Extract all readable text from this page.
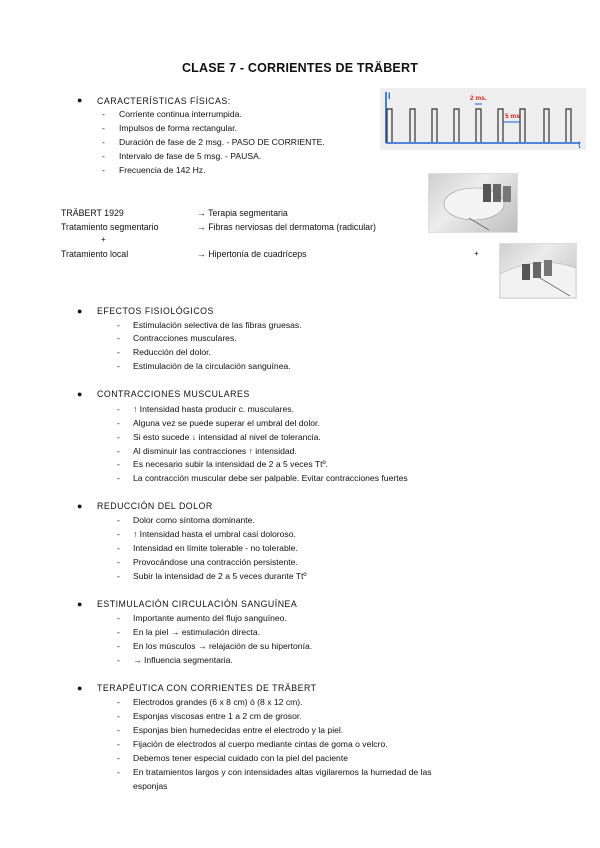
CLASE 7 - CORRIENTES DE TRÄBERT
● CARACTERÍSTICAS FÍSICAS:
- Corriente continua interrumpida.
- Impulsos de forma rectangular.
- Duración de fase de 2 msg. - PASO DE CORRIENTE.
- Intervalo de fase de 5 msg. - PAUSA.
- Frecuencia de 142 Hz.
I
t
2 ms.
5 ms
TRÄBERT 1929	→ Terapia segmentaria
Tratamiento segmentario	→ Fibras nerviosas del dermatoma (radicular)
+
Tratamiento local	→ Hipertonía de cuadríceps	+
● EFECTOS FISIOLÓGICOS
- Estimulación selectiva de las fibras gruesas.
- Contracciones musculares.
- Reducción del dolor.
- Estimulación de la circulación sanguínea.
● CONTRACCIONES MUSCULARES
- ↑ Intensidad hasta producir c. musculares.
- Alguna vez se puede superar el umbral del dolor.
- Si esto sucede ↓ intensidad al nivel de tolerancia.
- Al disminuir las contracciones ↑ intensidad.
- Es necesario subir la intensidad de 2 a 5 veces Ttº.
- La contracción muscular debe ser palpable. Evitar contracciones fuertes
● REDUCCIÓN DEL DOLOR
- Dolor como síntoma dominante.
- ↑ Intensidad hasta el umbral casi doloroso.
- Intensidad en límite tolerable - no tolerable.
- Provocándose una contracción persistente.
- Subir la intensidad de 2 a 5 veces durante Ttº
● ESTIMULACIÓN CIRCULACIÓN SANGUÍNEA
- Importante aumento del flujo sanguíneo.
- En la piel → estimulación directa.
- En los músculos → relajación de su hipertonía.
- → Influencia segmentaria.
● TERAPÉUTICA CON CORRIENTES DE TRÄBERT
- Electrodos grandes (6 x 8 cm) ó (8 x 12 cm).
- Esponjas viscosas entre 1 a 2 cm de grosor.
- Esponjas bien humedecidas entre el electrodo y la piel.
- Fijación de electrodos al cuerpo mediante cintas de goma o velcro.
- Debemos tener especial cuidado con la piel del paciente
- En tratamientos largos y con intensidades altas vigilaremos la humedad de las
esponjas
